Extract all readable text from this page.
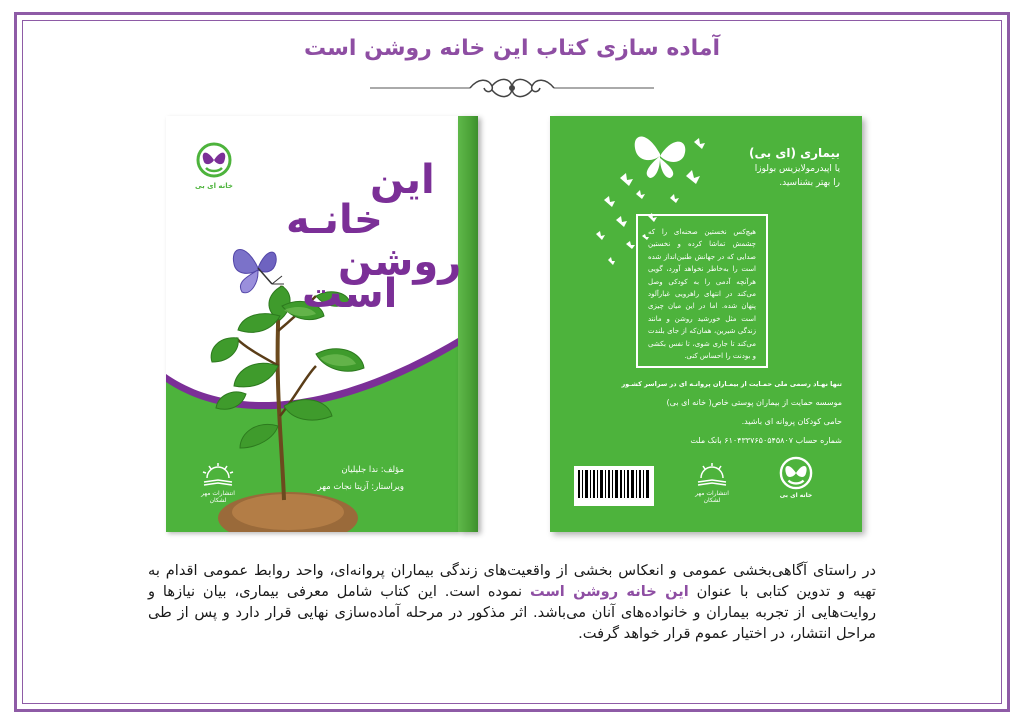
آماده سازی کتاب این خانه روشن است
خانه ای بی	این
خانـه
روشن
است
مؤلف: ندا جلیلیان
ویراستار: آزیتا نجات مهر
انتشارات مهر لشکان
بیماری (ای بی)
یا اپیدرمولایزیس بولوزا
را بهتر بشناسید.
هیچ‌کس نخستین صحنه‌ای را که چشمش تماشا کرده و نخستین صدایی که در جهانش طنین‌انداز شده است را به‌خاطر نخواهد آورد، گویی هرآنچه آدمی را به کودکی وصل می‌کند در انتهای راهرویی غبارآلود پنهان شده. اما در این میان چیزی است مثل خورشید روشن و مانند زندگی شیرین، همان‌که از جای بلندت می‌کند تا جاری شوی، تا نفس بکشی و بودنت را احساس کنی.
تنها نهـاد رسمی ملی حمـایت از بیمـاران پروانـه ای در سراسر کشـور
موسسه حمایت از بیماران پوستی خاص( خانه ای بی)
حامی کودکان پروانه ای باشید.
شماره حساب ۶۱۰۴۳۳۷۶۵۰۵۴۵۸۰۷ بانک ملت
انتشارات مهر لشکان
خانه ای بی
در راستای آگاهی‌بخشی عمومی و انعکاس بخشی از واقعیت‌های زندگی بیماران پروانه‌ای، واحد روابط عمومی اقدام به تهیه و تدوین کتابی با عنوان این خانه روشن است نموده است. این کتاب شامل معرفی بیماری، بیان نیازها و روایت‌هایی از تجربه بیماران و خانواده‌های آنان می‌باشد. اثر مذکور در مرحله آماده‌سازی نهایی قرار دارد و پس از طی مراحل انتشار، در اختیار عموم قرار خواهد گرفت.
